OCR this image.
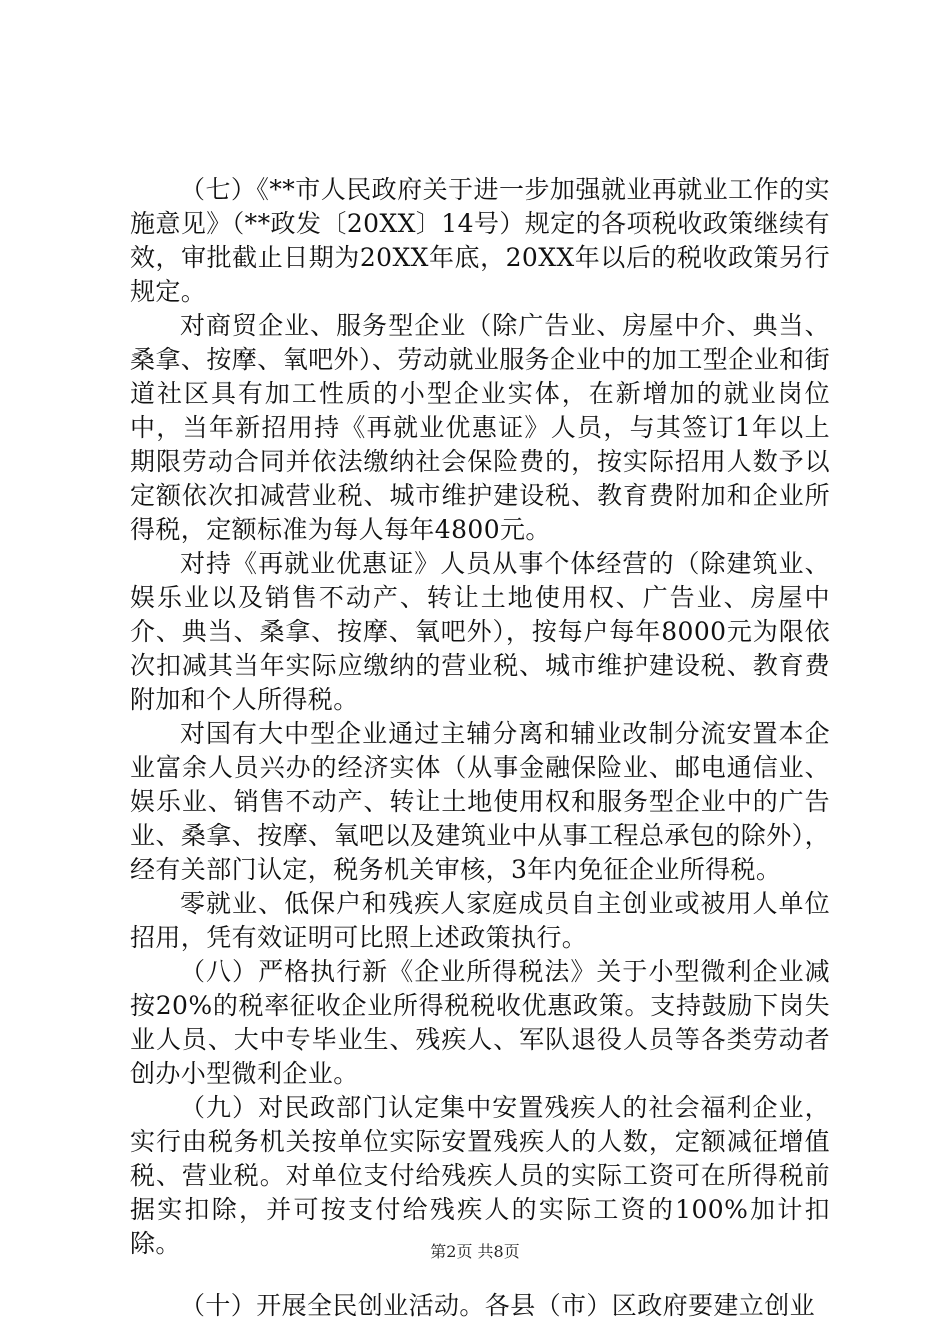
（七）《**市人民政府关于进一步加强就业再就业工作的实施意见》（**政发〔20XX〕14号）规定的各项税收政策继续有效，审批截止日期为20XX年底，20XX年以后的税收政策另行规定。

对商贸企业、服务型企业（除广告业、房屋中介、典当、桑拿、按摩、氧吧外）、劳动就业服务企业中的加工型企业和街道社区具有加工性质的小型企业实体，在新增加的就业岗位中，当年新招用持《再就业优惠证》人员，与其签订1年以上期限劳动合同并依法缴纳社会保险费的，按实际招用人数予以定额依次扣减营业税、城市维护建设税、教育费附加和企业所得税，定额标准为每人每年4800元。

对持《再就业优惠证》人员从事个体经营的（除建筑业、娱乐业以及销售不动产、转让土地使用权、广告业、房屋中介、典当、桑拿、按摩、氧吧外），按每户每年8000元为限依次扣减其当年实际应缴纳的营业税、城市维护建设税、教育费附加和个人所得税。

对国有大中型企业通过主辅分离和辅业改制分流安置本企业富余人员兴办的经济实体（从事金融保险业、邮电通信业、娱乐业、销售不动产、转让土地使用权和服务型企业中的广告业、桑拿、按摩、氧吧以及建筑业中从事工程总承包的除外），经有关部门认定，税务机关审核，3年内免征企业所得税。

零就业、低保户和残疾人家庭成员自主创业或被用人单位招用，凭有效证明可比照上述政策执行。

（八）严格执行新《企业所得税法》关于小型微利企业减按20%的税率征收企业所得税税收优惠政策。支持鼓励下岗失业人员、大中专毕业生、残疾人、军队退役人员等各类劳动者创办小型微利企业。

（九）对民政部门认定集中安置残疾人的社会福利企业，实行由税务机关按单位实际安置残疾人的人数，定额减征增值税、营业税。对单位支付给残疾人员的实际工资可在所得税前据实扣除，并可按支付给残疾人的实际工资的100%加计扣除。

（十）开展全民创业活动。各县（市）区政府要建立创业

第2页 共8页
